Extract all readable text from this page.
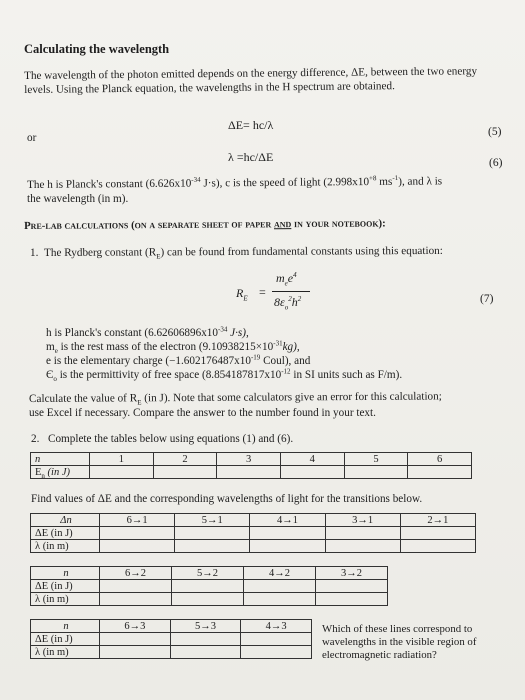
Calculating the wavelength
The wavelength of the photon emitted depends on the energy difference, ΔE, between the two energy levels. Using the Planck equation, the wavelengths in the H spectrum are obtained.
ΔE= hc/λ	(5)
or
λ =hc/ΔE	(6)
The h is Planck's constant ($6.626x10^{-34}$ J·s), c is the speed of light ($2.998x10^{+8}$ $ms^{-1}$), and λ is
the wavelength (in m).
Pre-lab calculations (on a separate sheet of paper and in your notebook):
1. The Rydberg constant $(R_E)$ can be found from fundamental constants using this equation:
$R_E$ =
$m_ee^4$
$8\varepsilon_o^2h^2$	(7)
h is Planck's constant ($6.62606896x10^{-34}$ J·s),
$m_e$ is the rest mass of the electron $(9.10938215\times 10^{-31}kg)$,
e is the elementary charge ($-1.602176487x10^{-19}$ Coul), and
$Є_o$ is the permittivity of free space ($8.854187817x10^{-12}$ in SI units such as F/m).
Calculate the value of $R_E$ (in J). Note that some calculators give an error for this calculation;
use Excel if necessary. Compare the answer to the number found in your text.
2. Complete the tables below using equations (1) and (6).
n	1	2	3	4	5	6
$E_n$ (in J)						
Find values of ΔE and the corresponding wavelengths of light for the transitions below.
Δn	6→1	5→1	4→1	3→1	2→1
ΔE (in J)					
λ (in m)					
n	6→2	5→2	4→2	3→2
ΔE (in J)				
λ (in m)				
n	6→3	5→3	4→3
ΔE (in J)			
λ (in m)			
Which of these lines correspond to
wavelengths in the visible region of
electromagnetic radiation?
